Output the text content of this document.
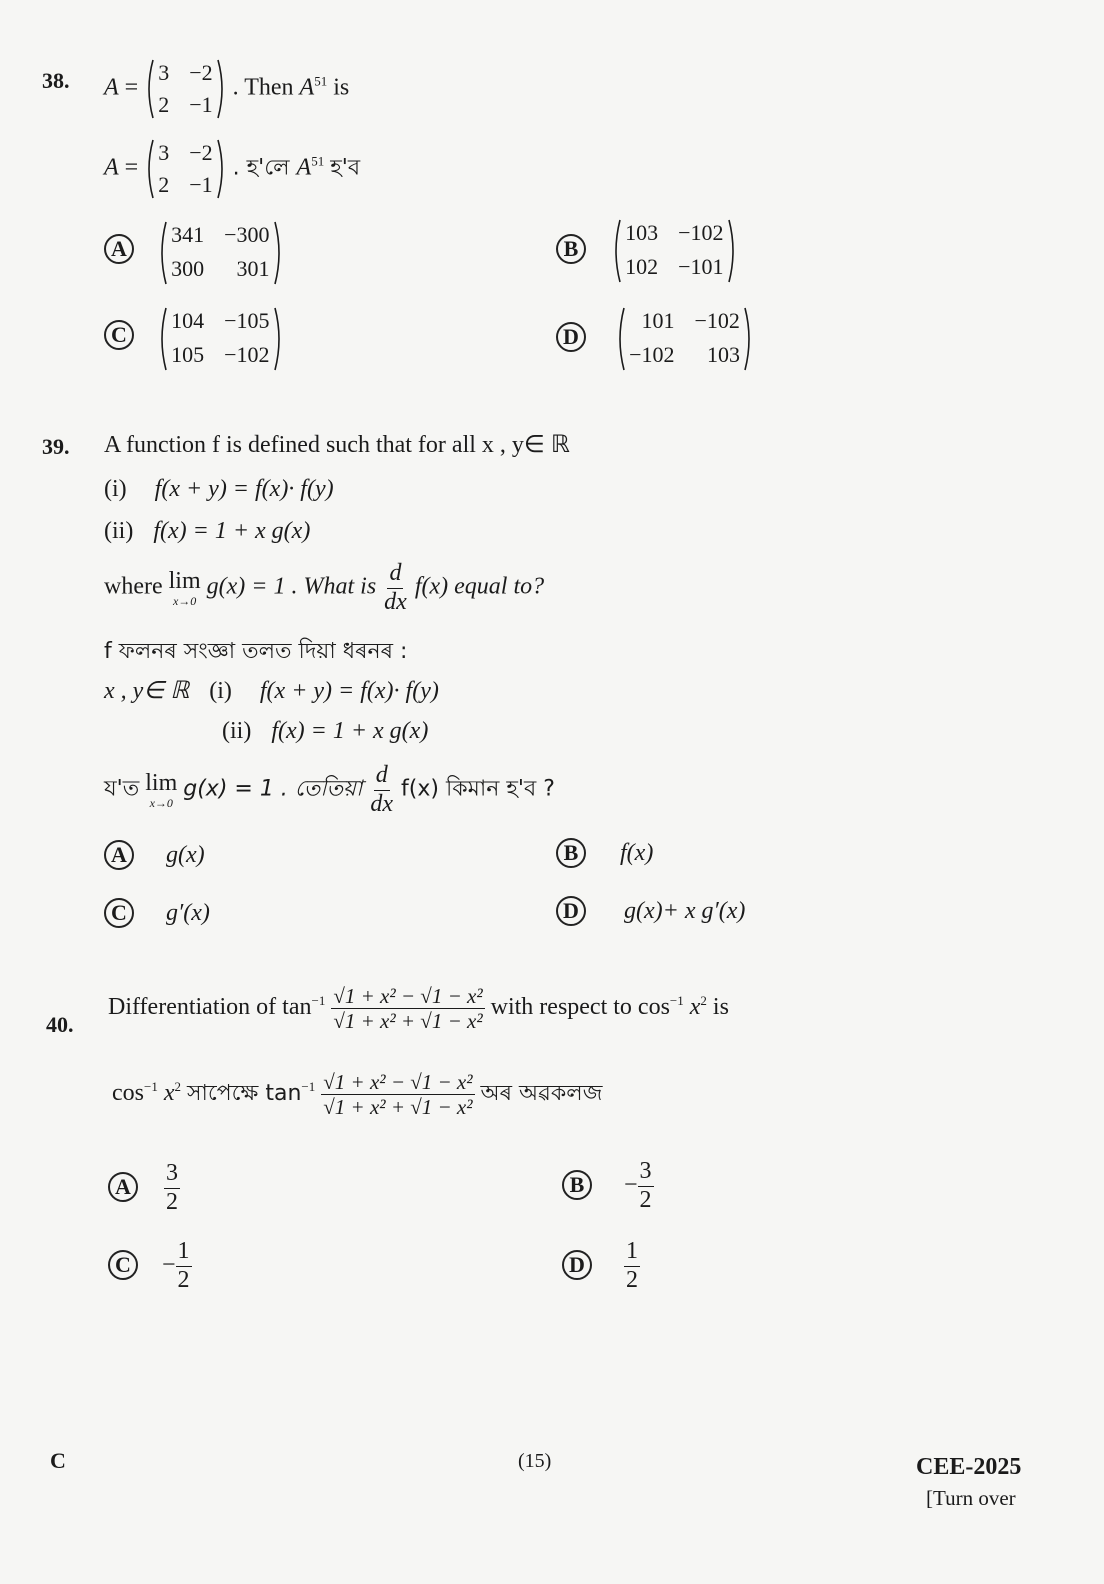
38. A =
3 −2
2 −1
. Then $A^{51}$ is
A =
3 −2
2 −1
. হ'লে $A^{51}$ হ'ব
A
341 −300
300	301
B
103 −102
102 −101
C
104 −105
105 −102
D
101 −102
−102	103
39. A function f is defined such that for all x , y∈ ℝ
(i) f(x + y) = f(x)· f(y)
(ii) f(x) = 1 + x g(x)
where lim
x→0
g(x) = 1 . What is $\frac{d}{dx} f(x)$ equal to?
f ফলনৰ সংজ্ঞা তলত দিয়া ধৰনৰ :
x , y∈ ℝ (i) f(x + y) = f(x)· f(y)
(ii) f(x) = 1 + x g(x)
য'ত lim
x→0
g(x) = 1 . তেতিয়া $\frac{d}{dx} f(x)$ কিমান হ'ব ?
A g(x)	B f(x)
C g′(x)	D g(x)+ x g′(x)
40.
Differentiation of $\tan^{-1} \frac{\text{√1 + x² − √1 − x²}}{\text{√1 + x² + √1 − x²}}$ with respect to $\cos^{-1} x^2$ is
$\cos^{-1} x^2$ সাপেক্ষে $\tan^{-1} \frac{\text{√1 + x² − √1 − x²}}{\text{√1 + x² + √1 − x²}}$ অৰ অৱকলজ
A $\frac{3}{2}$	$B - \frac{3}{2}$
$C - \frac{1}{2}$	D $\frac{1}{2}$
C	(15)	CEE-2025
[Turn over
